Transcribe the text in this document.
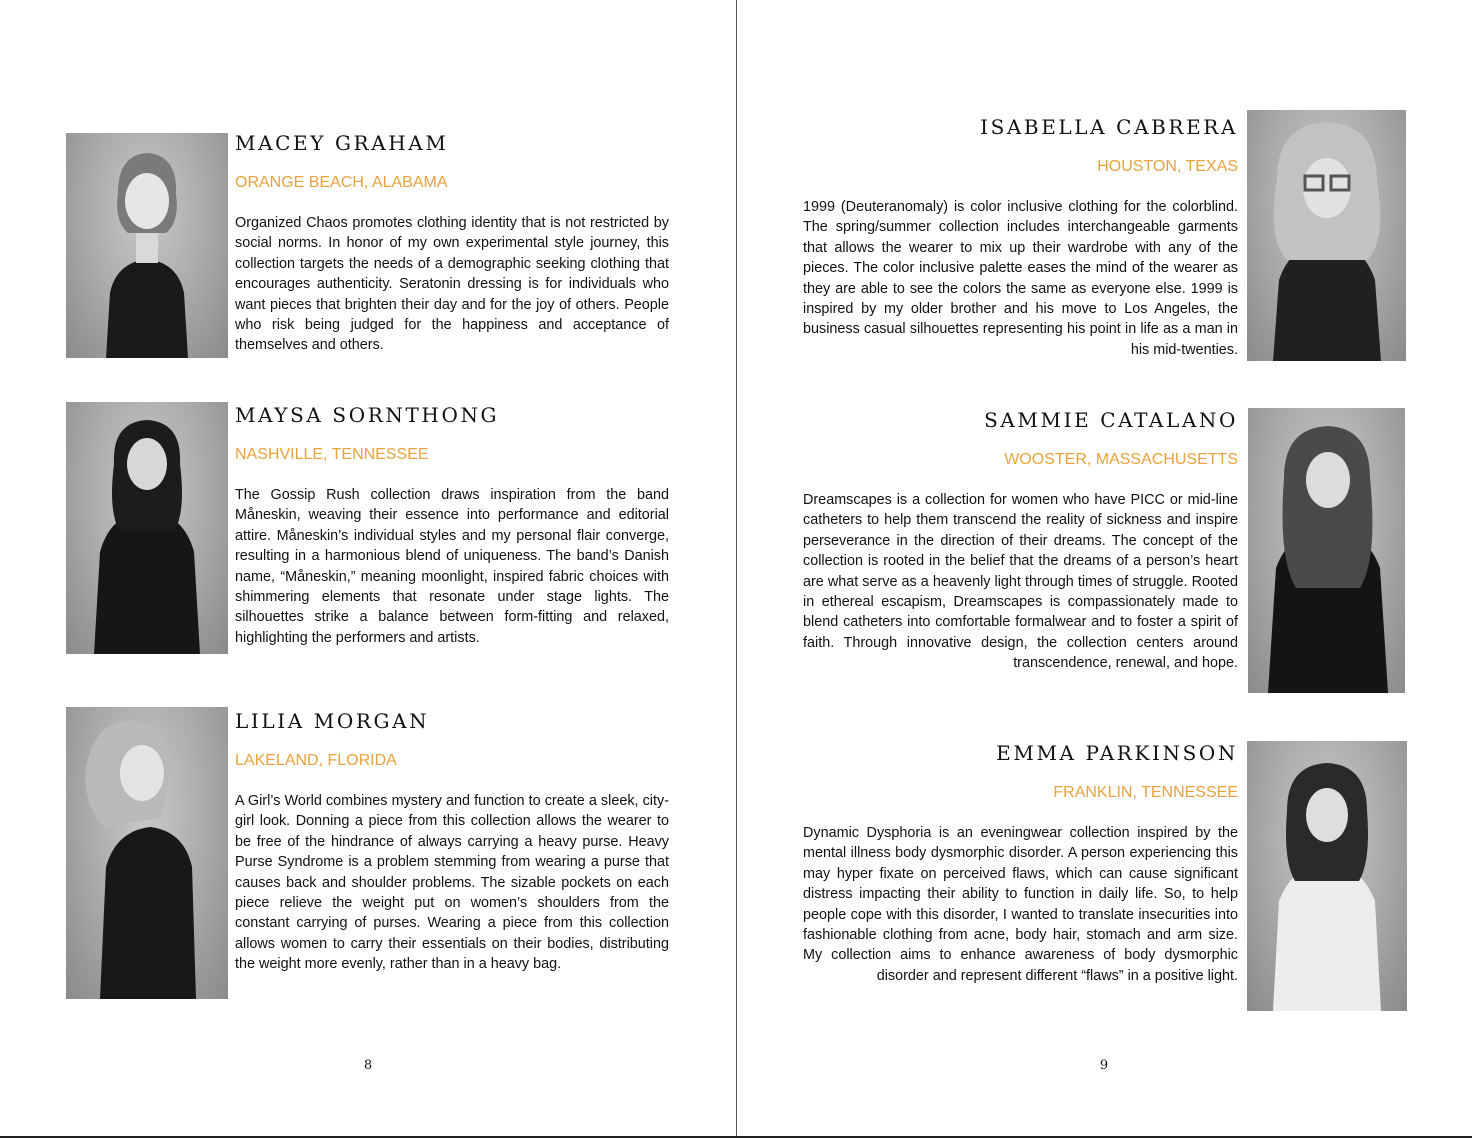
MACEY GRAHAM
ORANGE BEACH, ALABAMA
Organized Chaos promotes clothing identity that is not restricted by social norms. In honor of my own experimental style journey, this collection targets the needs of a demographic seeking clothing that encourages authenticity. Seratonin dressing is for individuals who want pieces that brighten their day and for the joy of others. People who risk being judged for the happiness and acceptance of themselves and others.
MAYSA SORNTHONG
NASHVILLE, TENNESSEE
The Gossip Rush collection draws inspiration from the band Måneskin, weaving their essence into performance and editorial attire. Måneskin’s individual styles and my personal flair converge, resulting in a harmonious blend of uniqueness. The band’s Danish name, “Måneskin,” meaning moonlight, inspired fabric choices with shimmering elements that resonate under stage lights. The silhouettes strike a balance between form-fitting and relaxed, highlighting the performers and artists.
LILIA MORGAN
LAKELAND, FLORIDA
A Girl’s World combines mystery and function to create a sleek, city-girl look. Donning a piece from this collection allows the wearer to be free of the hindrance of always carrying a heavy purse. Heavy Purse Syndrome is a problem stemming from wearing a purse that causes back and shoulder problems. The sizable pockets on each piece relieve the weight put on women’s shoulders from the constant carrying of purses. Wearing a piece from this collection allows women to carry their essentials on their bodies, distributing the weight more evenly, rather than in a heavy bag.
8
ISABELLA CABRERA
HOUSTON, TEXAS
1999 (Deuteranomaly) is color inclusive clothing for the colorblind. The spring/summer collection includes interchangeable garments that allows the wearer to mix up their wardrobe with any of the pieces. The color inclusive palette eases the mind of the wearer as they are able to see the colors the same as everyone else. 1999 is inspired by my older brother and his move to Los Angeles, the business casual silhouettes representing his point in life as a man in his mid-twenties.
SAMMIE CATALANO
WOOSTER, MASSACHUSETTS
Dreamscapes is a collection for women who have PICC or mid-line catheters to help them transcend the reality of sickness and inspire perseverance in the direction of their dreams. The concept of the collection is rooted in the belief that the dreams of a person’s heart are what serve as a heavenly light through times of struggle. Rooted in ethereal escapism, Dreamscapes is compassionately made to blend catheters into comfortable formalwear and to foster a spirit of faith. Through innovative design, the collection centers around transcendence, renewal, and hope.
EMMA PARKINSON
FRANKLIN, TENNESSEE
Dynamic Dysphoria is an eveningwear collection inspired by the mental illness body dysmorphic disorder. A person experiencing this may hyper fixate on perceived flaws, which can cause significant distress impacting their ability to function in daily life. So, to help people cope with this disorder, I wanted to translate insecurities into fashionable clothing from acne, body hair, stomach and arm size. My collection aims to enhance awareness of body dysmorphic disorder and represent different “flaws” in a positive light.
9
